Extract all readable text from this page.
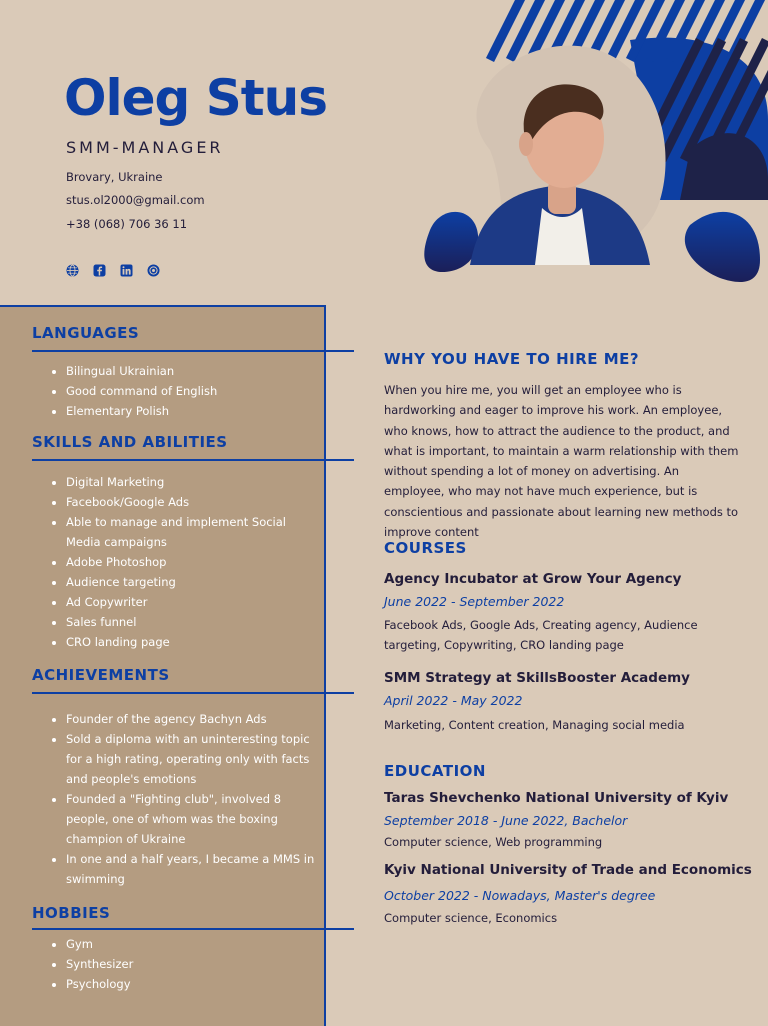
Oleg Stus
SMM-MANAGER
Brovary, Ukraine
stus.ol2000@gmail.com
+38 (068) 706 36 11
LANGUAGES
• Bilingual Ukrainian
• Good command of English
• Elementary Polish
SKILLS AND ABILITIES
• Digital Marketing
• Facebook/Google Ads
• Able to manage and implement Social Media campaigns
• Adobe Photoshop
• Audience targeting
• Ad Copywriter
• Sales funnel
• CRO landing page
ACHIEVEMENTS
• Founder of the agency Bachyn Ads
• Sold a diploma with an uninteresting topic for a high rating, operating only with facts and people's emotions
• Founded a "Fighting club", involved 8 people, one of whom was the boxing champion of Ukraine
• In one and a half years, I became a MMS in swimming
HOBBIES
• Gym
• Synthesizer
• Psychology
WHY YOU HAVE TO HIRE ME?
When you hire me, you will get an employee who is hardworking and eager to improve his work. An employee, who knows, how to attract the audience to the product, and what is important, to maintain a warm relationship with them without spending a lot of money on advertising. An employee, who may not have much experience, but is conscientious and passionate about learning new methods to improve content
COURSES
Agency Incubator at Grow Your Agency
June 2022 - September 2022
Facebook Ads, Google Ads, Creating agency, Audience targeting, Copywriting, CRO landing page
SMM Strategy at SkillsBooster Academy
April 2022 - May 2022
Marketing, Content creation, Managing social media
EDUCATION
Taras Shevchenko National University of Kyiv
September 2018 - June 2022, Bachelor
Computer science, Web programming
Kyiv National University of Trade and Economics
October 2022 - Nowadays, Master's degree
Computer science, Economics
